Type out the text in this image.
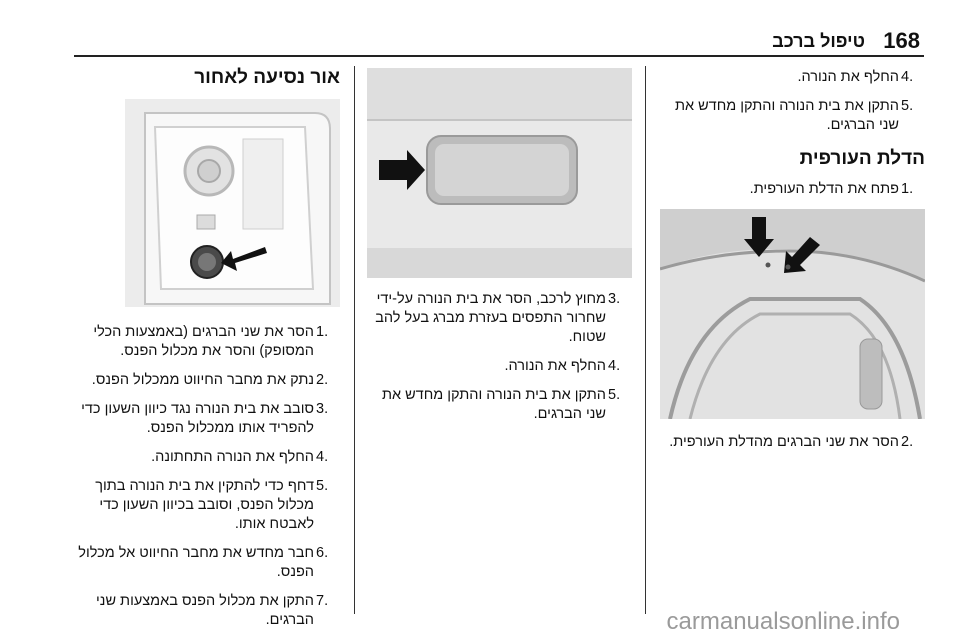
168
טיפול ברכב
אור נסיעה לאחור
.1
הסר את שני הברגים (באמצעות הכלי המסופק) והסר את מכלול הפנס.
.2
נתק את מחבר החיווט ממכלול הפנס.
.3
סובב את בית הנורה נגד כיוון השעון כדי להפריד אותו ממכלול הפנס.
.4
החלף את הנורה התחתונה.
.5
דחף כדי להתקין את בית הנורה בתוך מכלול הפנס, וסובב בכיוון השעון כדי לאבטח אותו.
.6
חבר מחדש את מחבר החיווט אל מכלול הפנס.
.7
התקן את מכלול הפנס באמצעות שני הברגים.
.3
מחוץ לרכב, הסר את בית הנורה על-ידי שחרור התפסים בעזרת מברג בעל להב שטוח.
.4
החלף את הנורה.
.5
התקן את בית הנורה והתקן מחדש את שני הברגים.
.4
החלף את הנורה.
.5
התקן את בית הנורה והתקן מחדש את שני הברגים.
הדלת העורפית
.1
פתח את הדלת העורפית.
.2
הסר את שני הברגים מהדלת העורפית.
carmanualsonline.info
